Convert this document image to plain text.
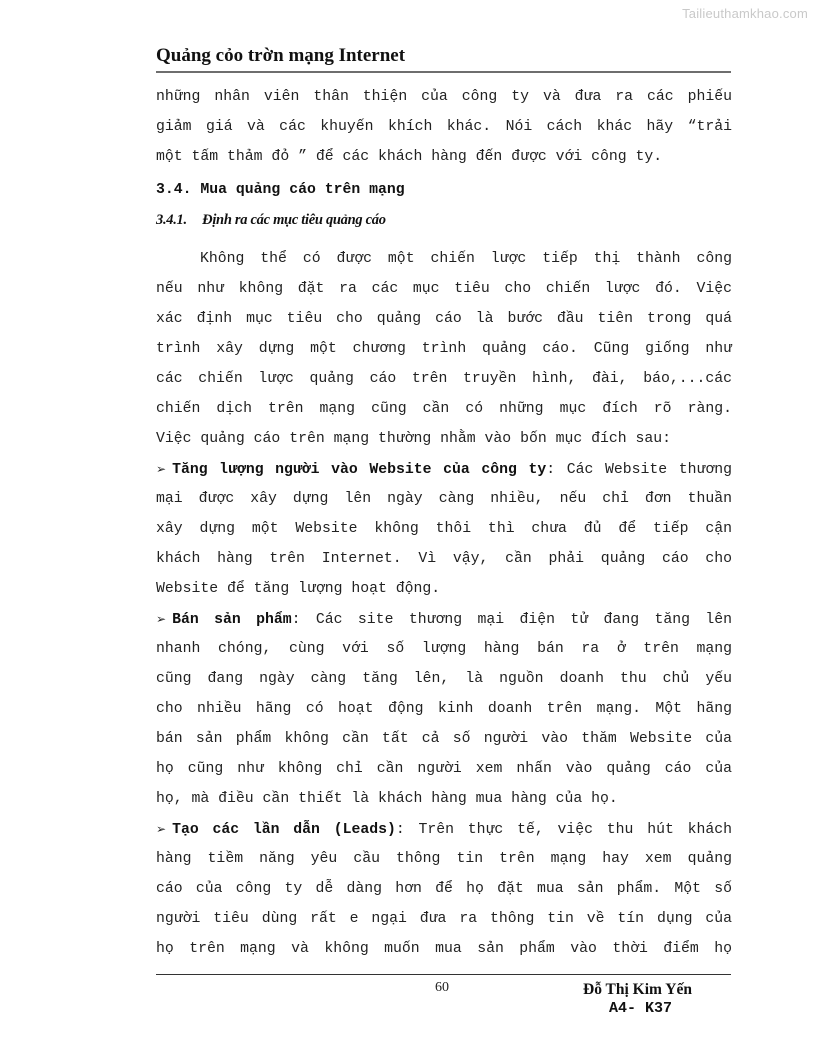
Tailieuthamkhao.com
Quảng cỏo trờn mạng Internet
những nhân viên thân thiện của công ty và đưa ra các phiếu
giảm giá và các khuyến khích khác. Nói cách khác hãy “trải
một tấm thảm đỏ ” để các khách hàng đến được với công ty.
3.4. Mua quảng cáo trên mạng
3.4.1. Định ra các mục tiêu quảng cáo
Không thể có được một chiến lược tiếp thị thành công
nếu như không đặt ra các mục tiêu cho chiến lược đó. Việc
xác định mục tiêu cho quảng cáo là bước đầu tiên trong quá
trình xây dựng một chương trình quảng cáo. Cũng giống như
các chiến lược quảng cáo trên truyền hình, đài, báo,...các
chiến dịch trên mạng cũng cần có những mục đích rõ ràng.
Việc quảng cáo trên mạng thường nhằm vào bốn mục đích sau:
➢ Tăng lượng người vào Website của công ty: Các Website thương
mại được xây dựng lên ngày càng nhiều, nếu chỉ đơn thuần
xây dựng một Website không thôi thì chưa đủ để tiếp cận
khách hàng trên Internet. Vì vậy, cần phải quảng cáo cho
Website để tăng lượng hoạt động.
➢ Bán sản phẩm: Các site thương mại điện tử đang tăng lên
nhanh chóng, cùng với số lượng hàng bán ra ở trên mạng
cũng đang ngày càng tăng lên, là nguồn doanh thu chủ yếu
cho nhiều hãng có hoạt động kinh doanh trên mạng. Một hãng
bán sản phẩm không cần tất cả số người vào thăm Website của
họ cũng như không chỉ cần người xem nhấn vào quảng cáo của
họ, mà điều cần thiết là khách hàng mua hàng của họ.
➢ Tạo các lần dẫn (Leads): Trên thực tế, việc thu hút khách
hàng tiềm năng yêu cầu thông tin trên mạng hay xem quảng
cáo của công ty dễ dàng hơn để họ đặt mua sản phẩm. Một số
người tiêu dùng rất e ngại đưa ra thông tin về tín dụng của
họ trên mạng và không muốn mua sản phẩm vào thời điểm họ
60	Đỗ Thị Kim Yến
A4- K37
